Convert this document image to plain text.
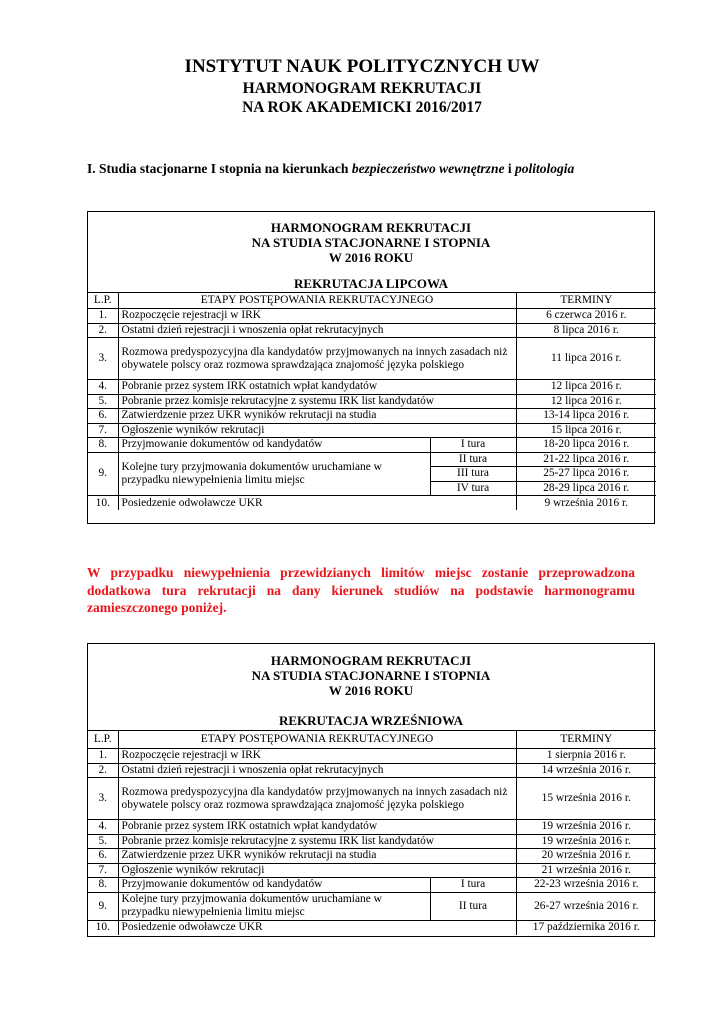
INSTYTUT NAUK POLITYCZNYCH UW
HARMONOGRAM REKRUTACJI
NA ROK AKADEMICKI 2016/2017
I. Studia stacjonarne I stopnia na kierunkach bezpieczeństwo wewnętrzne i politologia
HARMONOGRAM REKRUTACJI
NA STUDIA STACJONARNE I STOPNIA
W 2016 ROKU
REKRUTACJA LIPCOWA
L.P.	ETAPY POSTĘPOWANIA REKRUTACYJNEGO		TERMINY
1.	Rozpoczęcie rejestracji w IRK		6 czerwca 2016 r.
2.	Ostatni dzień rejestracji i wnoszenia opłat rekrutacyjnych		8 lipca 2016 r.
3.	Rozmowa predyspozycyjna dla kandydatów przyjmowanych na innych zasadach niż obywatele polscy oraz rozmowa sprawdzająca znajomość języka polskiego		11 lipca 2016 r.
4.	Pobranie przez system IRK ostatnich wpłat kandydatów		12 lipca 2016 r.
5.	Pobranie przez komisje rekrutacyjne z systemu IRK list kandydatów		12 lipca 2016 r.
6.	Zatwierdzenie przez UKR wyników rekrutacji na studia		13-14 lipca 2016 r.
7.	Ogłoszenie wyników rekrutacji		15 lipca 2016 r.
8.	Przyjmowanie dokumentów od kandydatów	I tura	18-20 lipca 2016 r.
9.	Kolejne tury przyjmowania dokumentów uruchamiane w przypadku niewypełnienia limitu miejsc	II tura	21-22 lipca 2016 r.
		III tura	25-27 lipca 2016 r.
		IV tura	28-29 lipca 2016 r.
10.	Posiedzenie odwoławcze UKR		9 września 2016 r.
W przypadku niewypełnienia przewidzianych limitów miejsc zostanie przeprowadzona dodatkowa tura rekrutacji na dany kierunek studiów na podstawie harmonogramu zamieszczonego poniżej.
HARMONOGRAM REKRUTACJI
NA STUDIA STACJONARNE I STOPNIA
W 2016 ROKU
REKRUTACJA WRZEŚNIOWA
L.P.	ETAPY POSTĘPOWANIA REKRUTACYJNEGO		TERMINY
1.	Rozpoczęcie rejestracji w IRK		1 sierpnia 2016 r.
2.	Ostatni dzień rejestracji i wnoszenia opłat rekrutacyjnych		14 września 2016 r.
3.	Rozmowa predyspozycyjna dla kandydatów przyjmowanych na innych zasadach niż obywatele polscy oraz rozmowa sprawdzająca znajomość języka polskiego		15 września 2016 r.
4.	Pobranie przez system IRK ostatnich wpłat kandydatów		19 września 2016 r.
5.	Pobranie przez komisje rekrutacyjne z systemu IRK list kandydatów		19 września 2016 r.
6.	Zatwierdzenie przez UKR wyników rekrutacji na studia		20 września 2016 r.
7.	Ogłoszenie wyników rekrutacji		21 września 2016 r.
8.	Przyjmowanie dokumentów od kandydatów	I tura	22-23 września 2016 r.
9.	Kolejne tury przyjmowania dokumentów uruchamiane w przypadku niewypełnienia limitu miejsc	II tura	26-27 września 2016 r.
10.	Posiedzenie odwoławcze UKR		17 października 2016 r.
